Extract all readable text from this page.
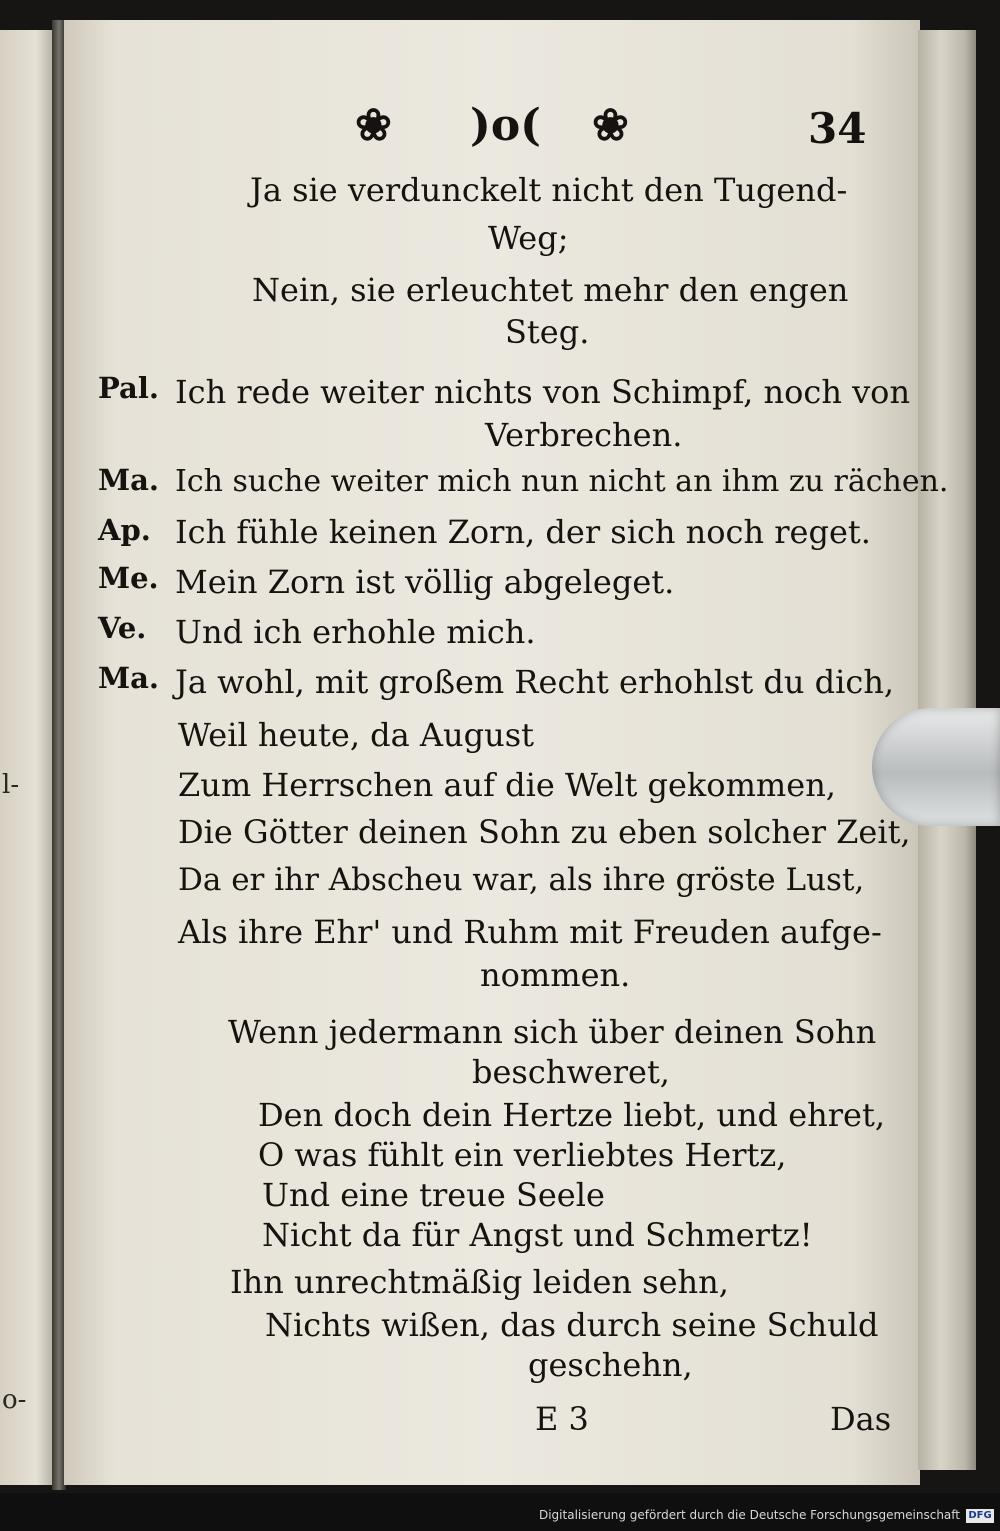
l-
o-
❀ )o( ❀	34
Ja sie verdunckelt nicht den Tugend-
Weg;
Nein, sie erleuchtet mehr den engen
Steg.
Pal. Ich rede weiter nichts von Schimpf, noch von
Verbrechen.
Ma. Ich suche weiter mich nun nicht an ihm zu rächen.
Ap. Ich fühle keinen Zorn, der sich noch reget.
Me. Mein Zorn ist völlig abgeleget.
Ve. Und ich erhohle mich.
Ma. Ja wohl, mit großem Recht erhohlst du dich,
Weil heute, da August
Zum Herrschen auf die Welt gekommen,
Die Götter deinen Sohn zu eben solcher Zeit,
Da er ihr Abscheu war, als ihre gröste Lust,
Als ihre Ehr' und Ruhm mit Freuden aufge-
nommen.
Wenn jedermann sich über deinen Sohn
beschweret,
Den doch dein Hertze liebt, und ehret,
O was fühlt ein verliebtes Hertz,
Und eine treue Seele
Nicht da für Angst und Schmertz!
Ihn unrechtmäßig leiden sehn,
Nichts wißen, das durch seine Schuld
geschehn,
E 3	Das
Digitalisierung gefördert durch die Deutsche Forschungsgemeinschaft DFG
